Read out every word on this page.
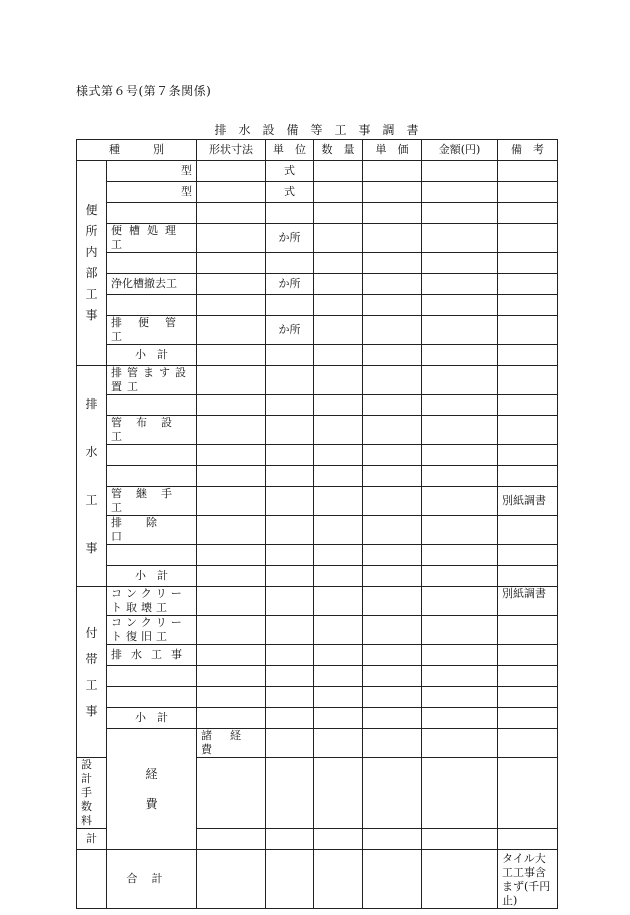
様式第６号(第７条関係)
排水設備等工事調書
種　　　別		形状寸法	単　位	数　量	単　価	金額(円)	備　考	
便所内部工事	型		式					
	型		式					

	便槽処理工		か所					

	浄化槽撤去工		か所					

	排便管工		か所					
	小　計							
排水工事	排管ます設置工							

	管布設工							

	管継手工						別紙調書	
	排除口							

	小　計							
付帯工事	コンクリート取壊工						別紙調書	
	コンクリート復旧工							
	排水工事							

	小　計							
	経費	諸経費						
設計手数料								
計								
	合計						タイル大工工事含まず(千円止)	
